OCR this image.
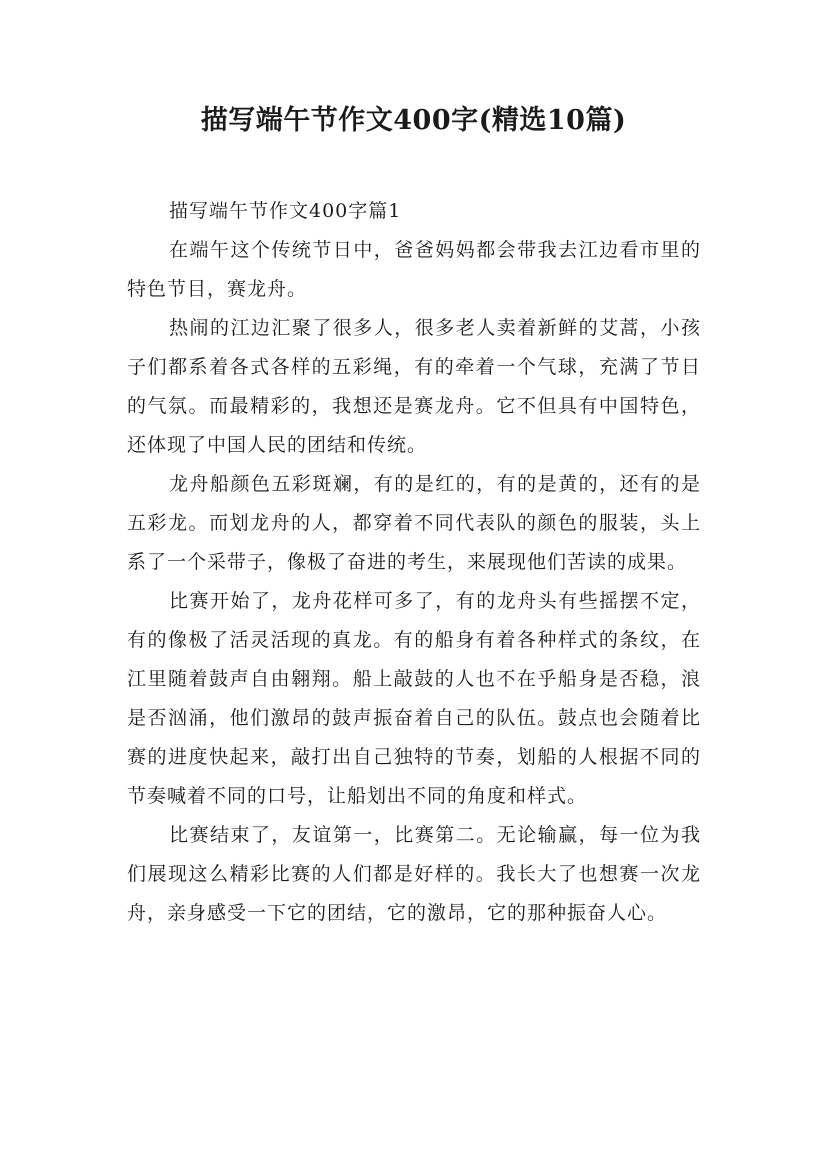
描写端午节作文400字(精选10篇)

描写端午节作文400字篇1

在端午这个传统节日中，爸爸妈妈都会带我去江边看市里的特色节目，赛龙舟。

热闹的江边汇聚了很多人，很多老人卖着新鲜的艾蒿，小孩子们都系着各式各样的五彩绳，有的牵着一个气球，充满了节日的气氛。而最精彩的，我想还是赛龙舟。它不但具有中国特色，还体现了中国人民的团结和传统。

龙舟船颜色五彩斑斓，有的是红的，有的是黄的，还有的是五彩龙。而划龙舟的人，都穿着不同代表队的颜色的服装，头上系了一个采带子，像极了奋进的考生，来展现他们苦读的成果。

比赛开始了，龙舟花样可多了，有的龙舟头有些摇摆不定，有的像极了活灵活现的真龙。有的船身有着各种样式的条纹，在江里随着鼓声自由翱翔。船上敲鼓的人也不在乎船身是否稳，浪是否汹涌，他们激昂的鼓声振奋着自己的队伍。鼓点也会随着比赛的进度快起来，敲打出自己独特的节奏，划船的人根据不同的节奏喊着不同的口号，让船划出不同的角度和样式。

比赛结束了，友谊第一，比赛第二。无论输赢，每一位为我们展现这么精彩比赛的人们都是好样的。我长大了也想赛一次龙舟，亲身感受一下它的团结，它的激昂，它的那种振奋人心。
